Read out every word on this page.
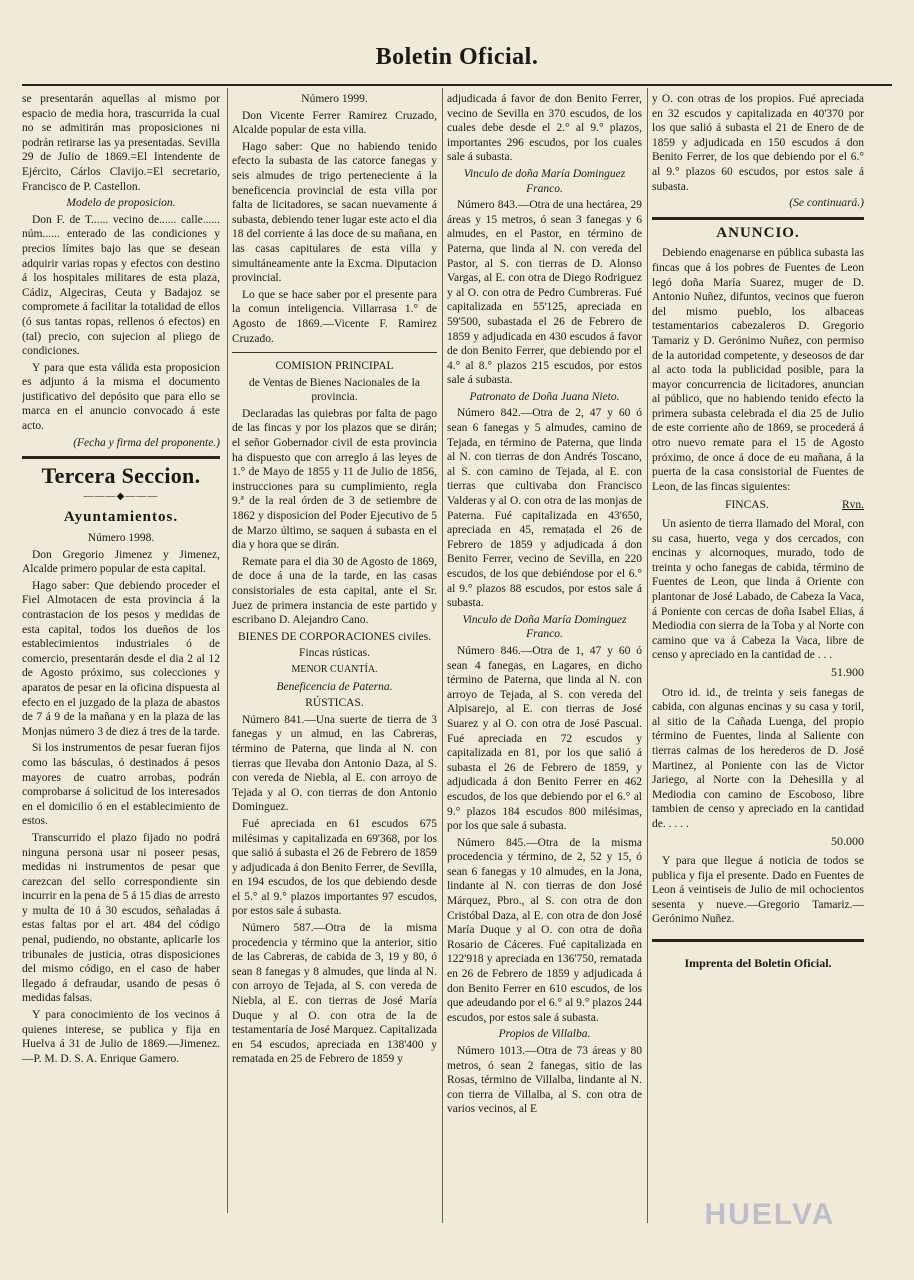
Boletin Oficial.

se presentarán aquellas al mismo por espacio de media hora, trascurrida la cual no se admitirán mas proposiciones ni podrán retirarse las ya presentadas. Sevilla 29 de Julio de 1869.=El Intendente de Ejército, Cárlos Clavijo.=El secretario, Francisco de P. Castellon.

Modelo de proposicion.

Don F. de T...... vecino de...... calle...... núm...... enterado de las condiciones y precios límites bajo las que se desean adquirir varias ropas y efectos con destino á los hospitales militares de esta plaza, Cádiz, Algeciras, Ceuta y Badajoz se compromete á facilitar la totalidad de ellos (ó sus tantas ropas, rellenos ó efectos) en (tal) precio, con sujecion al pliego de condiciones.

Y para que esta válida esta proposicion es adjunto á la misma el documento justificativo del depósito que para ello se marca en el anuncio convocado á este acto.

(Fecha y firma del proponente.)

Tercera Seccion.
———◆———
Ayuntamientos.

Número 1998.

Don Gregorio Jimenez y Jimenez, Alcalde primero popular de esta capital.

Hago saber: Que debiendo proceder el Fiel Almotacen de esta provincia á la contrastacion de los pesos y medidas de esta capital, todos los dueños de los establecimientos industriales ó de comercio, presentarán desde el dia 2 al 12 de Agosto próximo, sus colecciones y aparatos de pesar en la oficina dispuesta al efecto en el juzgado de la plaza de abastos de 7 á 9 de la mañana y en la plaza de las Monjas número 3 de diez á tres de la tarde.

Si los instrumentos de pesar fueran fijos como las básculas, ó destinados á pesos mayores de cuatro arrobas, podrán comprobarse á solicitud de los interesados en el domicilio ó en el establecimiento de estos.

Transcurrido el plazo fijado no podrá ninguna persona usar ni poseer pesas, medidas ni instrumentos de pesar que carezcan del sello correspondiente sin incurrir en la pena de 5 á 15 dias de arresto y multa de 10 á 30 escudos, señaladas á estas faltas por el art. 484 del código penal, pudiendo, no obstante, aplicarle los tribunales de justicia, otras disposiciones del mismo código, en el caso de haber llegado á defraudar, usando de pesas ó medidas falsas.

Y para conocimiento de los vecinos á quienes interese, se publica y fija en Huelva á 31 de Julio de 1869.—Jimenez.—P. M. D. S. A. Enrique Gamero.

Número 1999.

Don Vicente Ferrer Ramirez Cruzado, Alcalde popular de esta villa.

Hago saber: Que no habiendo tenido efecto la subasta de las catorce fanegas y seis almudes de trigo perteneciente á la beneficencia provincial de esta villa por falta de licitadores, se sacan nuevamente á subasta, debiendo tener lugar este acto el dia 18 del corriente á las doce de su mañana, en las casas capitulares de esta villa y simultáneamente ante la Excma. Diputacion provincial.

Lo que se hace saber por el presente para la comun inteligencia. Villarrasa 1.° de Agosto de 1869.—Vicente F. Ramirez Cruzado.

COMISION PRINCIPAL

de Ventas de Bienes Nacionales de la provincia.

Declaradas las quiebras por falta de pago de las fincas y por los plazos que se dirán; el señor Gobernador civil de esta provincia ha dispuesto que con arreglo á las leyes de 1.° de Mayo de 1855 y 11 de Julio de 1856, instrucciones para su cumplimiento, regla 9.ª de la real órden de 3 de setiembre de 1862 y disposicion del Poder Ejecutivo de 5 de Marzo último, se saquen á subasta en el dia y hora que se dirán.

Remate para el dia 30 de Agosto de 1869, de doce á una de la tarde, en las casas consistoriales de esta capital, ante el Sr. Juez de primera instancia de este partido y escribano D. Alejandro Cano.

BIENES DE CORPORACIONES civiles.

Fincas rústicas.

MENOR CUANTÍA.

Beneficencia de Paterna.

RÚSTICAS.

Número 841.—Una suerte de tierra de 3 fanegas y un almud, en las Cabreras, término de Paterna, que linda al N. con tierras que llevaba don Antonio Daza, al S. con vereda de Niebla, al E. con arroyo de Tejada y al O. con tierras de don Antonio Dominguez.

Fué apreciada en 61 escudos 675 milésimas y capitalizada en 69'368, por los que salió á subasta el 26 de Febrero de 1859 y adjudicada á don Benito Ferrer, de Sevilla, en 194 escudos, de los que debiendo desde el 5.° al 9.° plazos importantes 97 escudos, por estos sale á subasta.

Número 587.—Otra de la misma procedencia y término que la anterior, sitio de las Cabreras, de cabida de 3, 19 y 80, ó sean 8 fanegas y 8 almudes, que linda al N. con arroyo de Tejada, al S. con vereda de Niebla, al E. con tierras de José María Duque y al O. con otra de la de testamentaría de José Marquez. Capitalizada en 54 escudos, apreciada en 138'400 y rematada en 25 de Febrero de 1859 y

adjudicada á favor de don Benito Ferrer, vecino de Sevilla en 370 escudos, de los cuales debe desde el 2.° al 9.° plazos, importantes 296 escudos, por los cuales sale á subasta.

Vinculo de doña María Dominguez Franco.

Número 843.—Otra de una hectárea, 29 áreas y 15 metros, ó sean 3 fanegas y 6 almudes, en el Pastor, en término de Paterna, que linda al N. con vereda del Pastor, al S. con tierras de D. Alonso Vargas, al E. con otra de Diego Rodriguez y al O. con otra de Pedro Cumbreras. Fué capitalizada en 55'125, apreciada en 59'500, subastada el 26 de Febrero de 1859 y adjudicada en 430 escudos á favor de don Benito Ferrer, que debiendo por el 4.° al 8.° plazos 215 escudos, por estos sale á subasta.

Patronato de Doña Juana Nieto.

Número 842.—Otra de 2, 47 y 60 ó sean 6 fanegas y 5 almudes, camino de Tejada, en término de Paterna, que linda al N. con tierras de don Andrés Toscano, al S. con camino de Tejada, al E. con tierras que cultivaba don Francisco Valderas y al O. con otra de las monjas de Paterna. Fué capitalizada en 43'650, apreciada en 45, rematada el 26 de Febrero de 1859 y adjudicada á don Benito Ferrer, vecino de Sevilla, en 220 escudos, de los que debiéndose por el 6.° al 9.° plazos 88 escudos, por estos sale á subasta.

Vinculo de Doña María Dominguez Franco.

Número 846.—Otra de 1, 47 y 60 ó sean 4 fanegas, en Lagares, en dicho término de Paterna, que linda al N. con arroyo de Tejada, al S. con vereda del Alpisarejo, al E. con tierras de José Suarez y al O. con otra de José Pascual. Fué apreciada en 72 escudos y capitalizada en 81, por los que salió á subasta el 26 de Febrero de 1859, y adjudicada á don Benito Ferrer en 462 escudos, de los que debiendo por el 6.° al 9.° plazos 184 escudos 800 milésimas, por los que sale á subasta.

Número 845.—Otra de la misma procedencia y término, de 2, 52 y 15, ó sean 6 fanegas y 10 almudes, en la Jona, lindante al N. con tierras de don José Márquez, Pbro., al S. con otra de don Cristóbal Daza, al E. con otra de don José María Duque y al O. con otra de doña Rosario de Cáceres. Fué capitalizada en 122'918 y apreciada en 136'750, rematada en 26 de Febrero de 1859 y adjudicada á don Benito Ferrer en 610 escudos, de los que adeudando por el 6.° al 9.° plazos 244 escudos, por estos sale á subasta.

Propios de Villalba.

Número 1013.—Otra de 73 áreas y 80 metros, ó sean 2 fanegas, sitio de las Rosas, término de Villalba, lindante al N. con tierra de Villalba, al S. con otra de varios vecinos, al E

y O. con otras de los propios. Fué apreciada en 32 escudos y capitalizada en 40'370 por los que salió á subasta el 21 de Enero de de 1859 y adjudicada en 150 escudos á don Benito Ferrer, de los que debiendo por el 6.° al 9.° plazos 60 escudos, por estos sale á subasta.

(Se continuará.)

ANUNCIO.

Debiendo enagenarse en pública subasta las fincas que á los pobres de Fuentes de Leon legó doña María Suarez, muger de D. Antonio Nuñez, difuntos, vecinos que fueron del mismo pueblo, los albaceas testamentarios cabezaleros D. Gregorio Tamariz y D. Gerónimo Nuñez, con permiso de la autoridad competente, y deseosos de dar al acto toda la publicidad posible, para la mayor concurrencia de licitadores, anuncian al público, que no habiendo tenido efecto la primera subasta celebrada el dia 25 de Julio de este corriente año de 1869, se procederá á otro nuevo remate para el 15 de Agosto próximo, de once á doce de eu mañana, á la puerta de la casa consistorial de Fuentes de Leon, de las fincas siguientes:

FINCAS.	Rvn.

Un asiento de tierra llamado del Moral, con su casa, huerto, vega y dos cercados, con encinas y alcornoques, murado, todo de treinta y ocho fanegas de cabida, término de Fuentes de Leon, que linda á Oriente con plantonar de José Labado, de Cabeza la Vaca, á Poniente con cercas de doña Isabel Elias, á Mediodia con sierra de la Toba y al Norte con camino que va á Cabeza la Vaca, libre de censo y apreciado en la cantidad de . . .

51.900

Otro id. id., de treinta y seis fanegas de cabida, con algunas encinas y su casa y toril, al sitio de la Cañada Luenga, del propio término de Fuentes, linda al Saliente con tierras calmas de los herederos de D. José Martinez, al Poniente con las de Victor Jariego, al Norte con la Dehesilla y al Mediodia con camino de Escoboso, libre tambien de censo y apreciado en la cantidad de. . . . .

50.000

Y para que llegue á noticia de todos se publica y fija el presente. Dado en Fuentes de Leon á veintiseis de Julio de mil ochocientos sesenta y nueve.—Gregorio Tamariz.—Gerónimo Nuñez.

Imprenta del Boletin Oficial.
HUELVA
